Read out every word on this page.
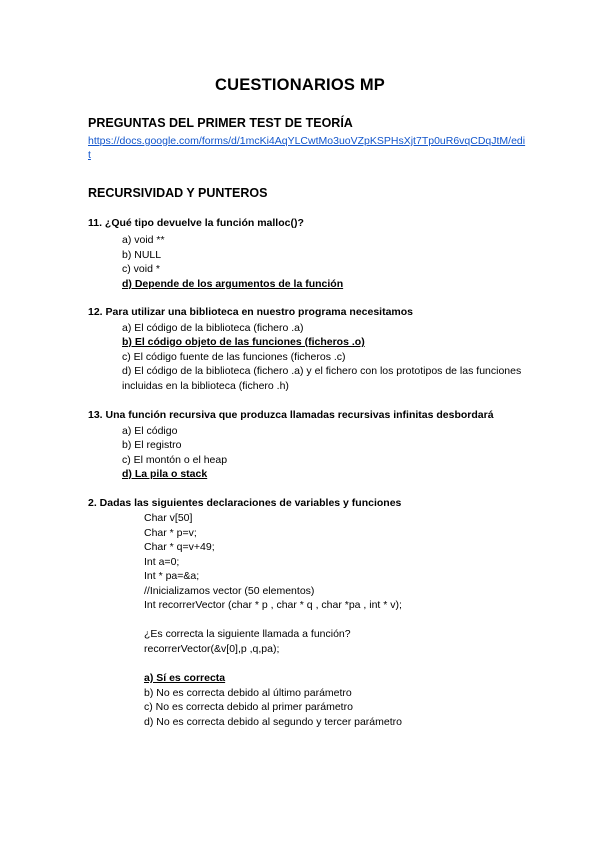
CUESTIONARIOS MP
PREGUNTAS DEL PRIMER TEST DE TEORÍA
https://docs.google.com/forms/d/1mcKi4AqYLCwtMo3uoVZpKSPHsXjt7Tp0uR6vqCDqJtM/edit
RECURSIVIDAD Y PUNTEROS
11. ¿Qué tipo devuelve la función malloc()?
a) void **
b) NULL
c) void *
d) Depende de los argumentos de la función
12. Para utilizar una biblioteca en nuestro programa necesitamos
a) El código de la biblioteca (fichero .a)
b) El código objeto de las funciones (ficheros .o)
c) El código fuente de las funciones (ficheros .c)
d) El código de la biblioteca (fichero .a) y el fichero con los prototipos de las funciones incluidas en la biblioteca (fichero .h)
13. Una función recursiva que produzca llamadas recursivas infinitas desbordará
a) El código
b) El registro
c) El montón o el heap
d) La pila o stack
2. Dadas las siguientes declaraciones de variables y funciones
Char v[50]
Char * p=v;
Char * q=v+49;
Int a=0;
Int * pa=&a;
//Inicializamos vector (50 elementos)
Int recorrerVector (char * p , char * q , char *pa , int * v);
¿Es correcta la siguiente llamada a función?
recorrerVector(&v[0],p ,q,pa);
a) Sí es correcta
b) No es correcta debido al último parámetro
c) No es correcta debido al primer parámetro
d) No es correcta debido al segundo y tercer parámetro
